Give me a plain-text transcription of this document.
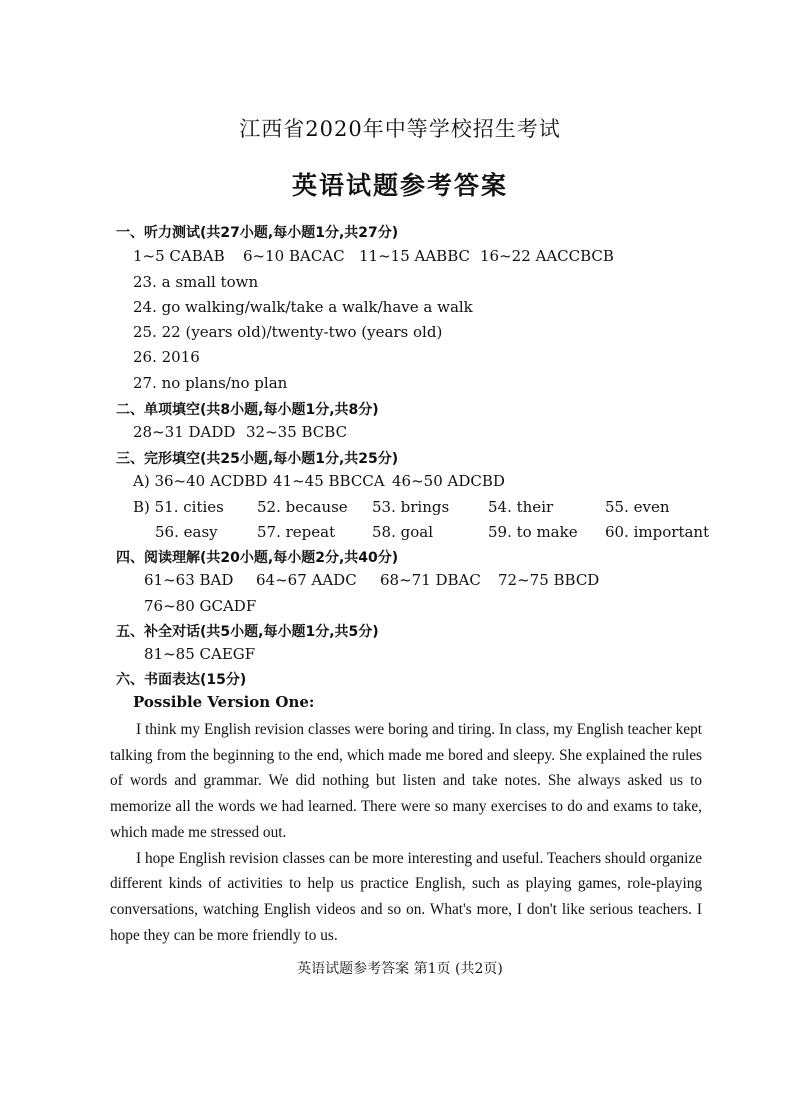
江西省2020年中等学校招生考试
英语试题参考答案
一、听力测试(共27小题,每小题1分,共27分)
1~5 CABAB 6~10 BACAC 11~15 AABBC 16~22 AACCBCB
23. a small town
24. go walking/walk/take a walk/have a walk
25. 22 (years old)/twenty-two (years old)
26. 2016
27. no plans/no plan
二、单项填空(共8小题,每小题1分,共8分)
28~31 DADD 32~35 BCBC
三、完形填空(共25小题,每小题1分,共25分)
A) 36~40 ACDBD 41~45 BBCCA 46~50 ADCBD
B) 51. cities 52. because 53. brings	54. their	55. even
56. easy	57. repeat 58. goal	59. to make 60. important
四、阅读理解(共20小题,每小题2分,共40分)
61~63 BAD 64~67 AADC 68~71 DBAC 72~75 BBCD
76~80 GCADF
五、补全对话(共5小题,每小题1分,共5分)
81~85 CAEGF
六、书面表达(15分)
Possible Version One:

I think my English revision classes were boring and tiring. In class, my English teacher kept talking from the beginning to the end, which made me bored and sleepy. She explained the rules of words and grammar. We did nothing but listen and take notes. She always asked us to memorize all the words we had learned. There were so many exercises to do and exams to take, which made me stressed out.

I hope English revision classes can be more interesting and useful. Teachers should organize different kinds of activities to help us practice English, such as playing games, role-playing conversations, watching English videos and so on. What's more, I don't like serious teachers. I hope they can be more friendly to us.

英语试题参考答案 第1页 (共2页)
